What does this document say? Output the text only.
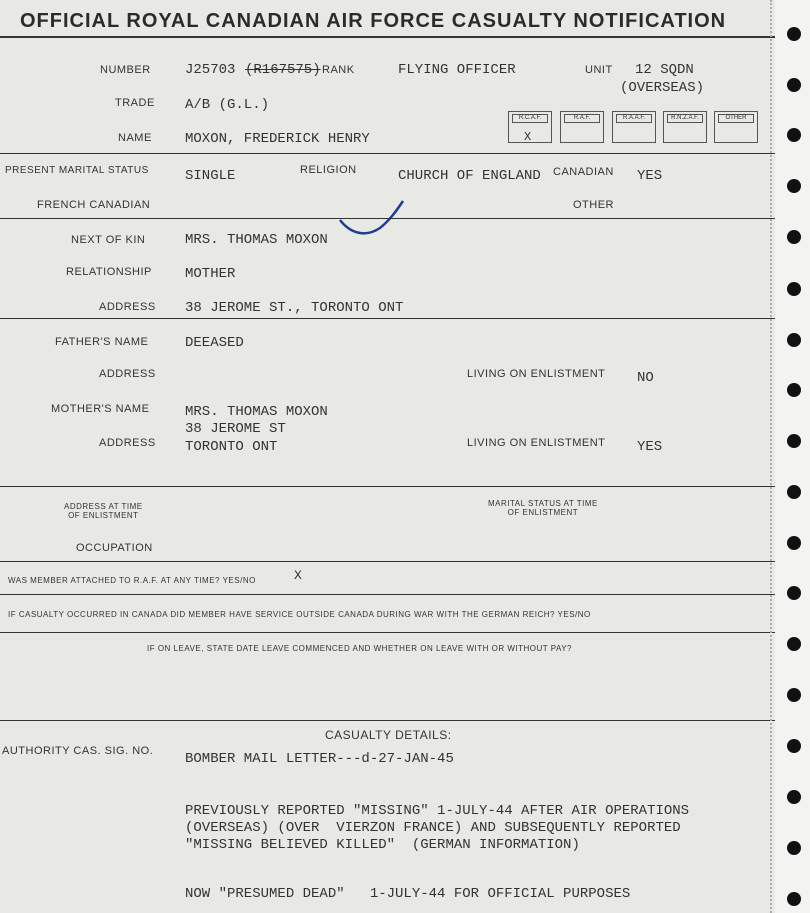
OFFICIAL ROYAL CANADIAN AIR FORCE CASUALTY NOTIFICATION
NUMBER J25703 (R167575) RANK	FLYING OFFICER	UNIT 12 SQDN
(OVERSEAS)
TRADE A/B (G.L.)
R.C.A.F.
X
R.A.F.	R.A.A.F.	R.N.Z.A.F.	OTHER
NAME MOXON, FREDERICK HENRY
PRESENT MARITAL STATUS	SINGLE	RELIGION	CHURCH OF ENGLAND CANADIAN YES
FRENCH CANADIAN	OTHER
NEXT OF KIN	MRS. THOMAS MOXON
RELATIONSHIP MOTHER
ADDRESS 38 JEROME ST., TORONTO ONT
FATHER'S NAME	DEEASED
ADDRESS	LIVING ON ENLISTMENT NO
MOTHER'S NAME	MRS. THOMAS MOXON
38 JEROME ST
TORONTO ONT
ADDRESS	LIVING ON ENLISTMENT YES
ADDRESS AT TIME
OF ENLISTMENT
MARITAL STATUS AT TIME
OF ENLISTMENT
OCCUPATION
WAS MEMBER ATTACHED TO R.A.F. AT ANY TIME? YES/NO	X
IF CASUALTY OCCURRED IN CANADA DID MEMBER HAVE SERVICE OUTSIDE CANADA DURING WAR WITH THE GERMAN REICH? YES/NO
IF ON LEAVE, STATE DATE LEAVE COMMENCED AND WHETHER ON LEAVE WITH OR WITHOUT PAY?
CASUALTY DETAILS:
AUTHORITY CAS. SIG. NO. BOMBER MAIL LETTER---d-27-JAN-45
PREVIOUSLY REPORTED "MISSING" 1-JULY-44 AFTER AIR OPERATIONS
(OVERSEAS) (OVER  VIERZON FRANCE) AND SUBSEQUENTLY REPORTED
"MISSING BELIEVED KILLED"  (GERMAN INFORMATION)
NOW "PRESUMED DEAD"   1-JULY-44 FOR OFFICIAL PURPOSES
